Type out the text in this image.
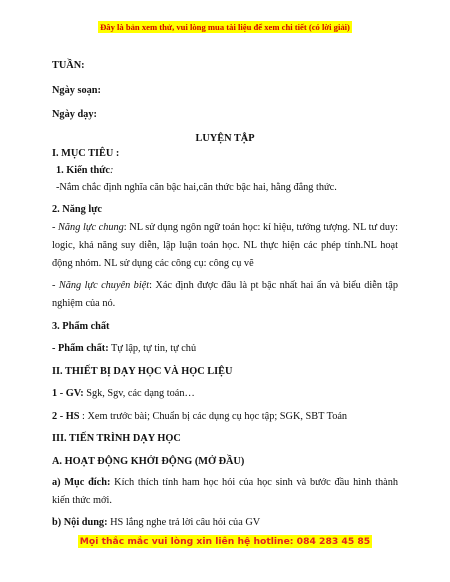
Đây là bản xem thử, vui lòng mua tài liệu để xem chi tiết (có lời giải)
TUẦN:
Ngày soạn:
Ngày dạy:
LUYỆN TẬP
I. MỤC TIÊU :
1. Kiến thức:
-Nắm chắc định nghĩa căn bậc hai,căn thức bậc hai, hằng đẳng thức.
2. Năng lực
- Năng lực chung: NL sử dụng ngôn ngữ toán học: kí hiệu, tưởng tượng. NL tư duy: logic, khả năng suy diễn, lập luận toán học. NL thực hiện các phép tính.NL hoạt động nhóm. NL sử dụng các công cụ: công cụ vẽ
- Năng lực chuyên biệt: Xác định được đâu là pt bậc nhất hai ẩn và biểu diễn tập nghiệm của nó.
3. Phẩm chất
- Phẩm chất: Tự lập, tự tin, tự chủ
II. THIẾT BỊ DẠY HỌC VÀ HỌC LIỆU
1 - GV: Sgk, Sgv, các dạng toán…
2 - HS : Xem trước bài; Chuẩn bị các dụng cụ học tập; SGK, SBT Toán
III. TIẾN TRÌNH DẠY HỌC
A. HOẠT ĐỘNG KHỞI ĐỘNG (MỞ ĐẦU)
a) Mục đích: Kích thích tính ham học hỏi của học sinh và bước đầu hình thành kiến thức mới.
b) Nội dung: HS lắng nghe trả lời câu hỏi của GV
Mọi thắc mắc vui lòng xin liên hệ hotline: 084 283 45 85
